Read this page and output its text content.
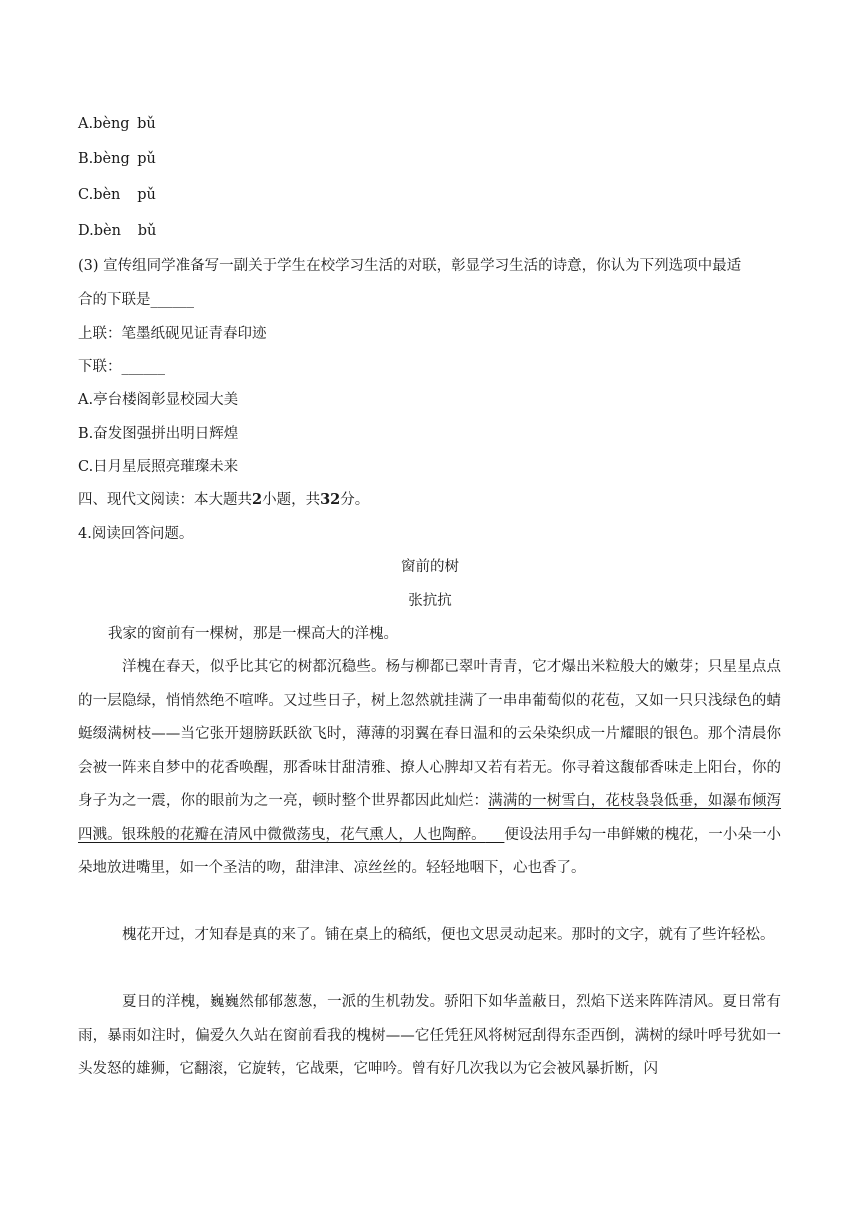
A.bèng bǔ
B.bèng pǔ
C.bèn pǔ
D.bèn bǔ
(3) 宣传组同学准备写一副关于学生在校学习生活的对联，彰显学习生活的诗意，你认为下列选项中最适
合的下联是______
上联：笔墨纸砚见证青春印迹
下联：______
A.亭台楼阁彰显校园大美
B.奋发图强拼出明日辉煌
C.日月星辰照亮璀璨未来
四、现代文阅读：本大题共2小题，共32分。
4.阅读回答问题。
窗前的树
张抗抗
我家的窗前有一棵树，那是一棵高大的洋槐。
洋槐在春天，似乎比其它的树都沉稳些。杨与柳都已翠叶青青，它才爆出米粒般大的嫩芽；只星星点点的一层隐绿，悄悄然绝不喧哗。又过些日子，树上忽然就挂满了一串串葡萄似的花苞，又如一只只浅绿色的蜻蜓缀满树枝——当它张开翅膀跃跃欲飞时，薄薄的羽翼在春日温和的云朵染织成一片耀眼的银色。那个清晨你会被一阵来自梦中的花香唤醒，那香味甘甜清雅、撩人心脾却又若有若无。你寻着这馥郁香味走上阳台，你的身子为之一震，你的眼前为之一亮，顿时整个世界都因此灿烂：满满的一树雪白，花枝袅袅低垂，如瀑布倾泻四溅。银珠般的花瓣在清风中微微荡曳，花气熏人，人也陶醉。 便设法用手勾一串鲜嫩的槐花，一小朵一小朵地放进嘴里，如一个圣洁的吻，甜津津、凉丝丝的。轻轻地咽下，心也香了。
槐花开过，才知春是真的来了。铺在桌上的稿纸，便也文思灵动起来。那时的文字，就有了些许轻松。
夏日的洋槐，巍巍然郁郁葱葱，一派的生机勃发。骄阳下如华盖蔽日，烈焰下送来阵阵清风。夏日常有雨，暴雨如注时，偏爱久久站在窗前看我的槐树——它任凭狂风将树冠刮得东歪西倒，满树的绿叶呼号犹如一头发怒的雄狮，它翻滚，它旋转，它战栗，它呻吟。曾有好几次我以为它会被风暴折断，闪
